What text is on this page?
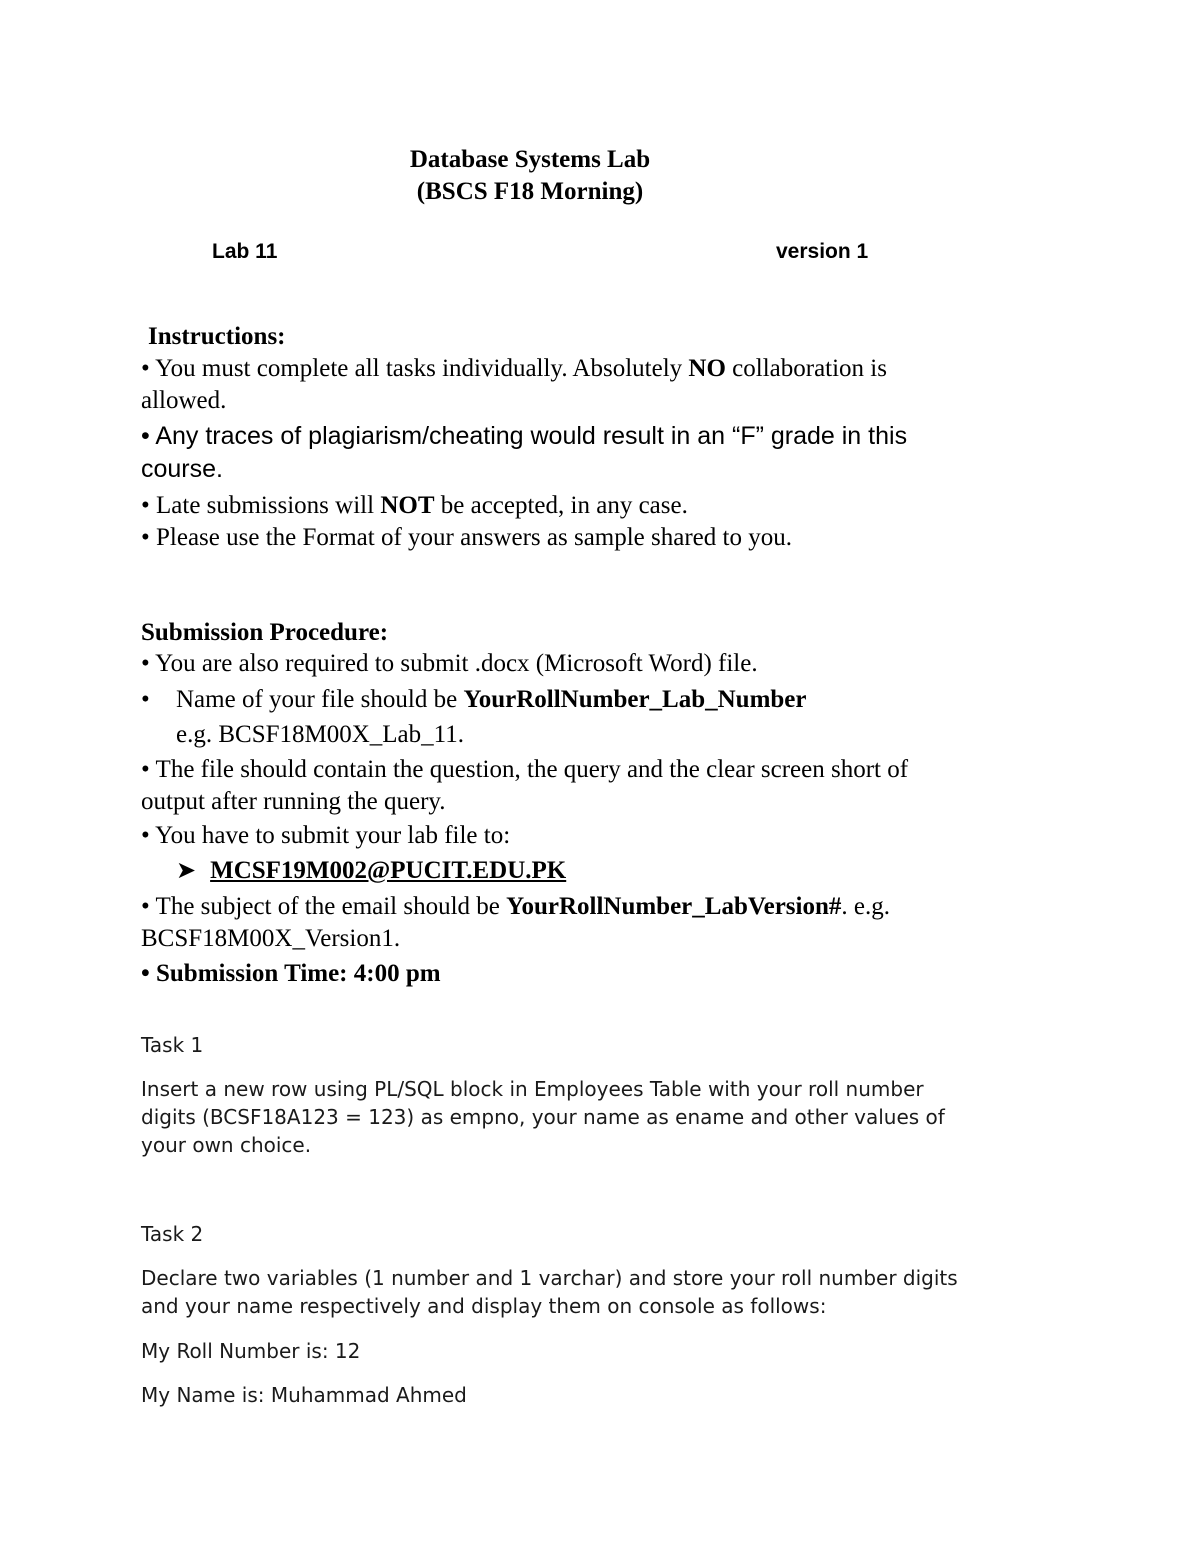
Database Systems Lab
(BSCS F18 Morning)
Lab 11	version 1
Instructions:
• You must complete all tasks individually. Absolutely NO collaboration is
allowed.
• Any traces of plagiarism/cheating would result in an “F” grade in this
course.
• Late submissions will NOT be accepted, in any case.
• Please use the Format of your answers as sample shared to you.
Submission Procedure:
• You are also required to submit .docx (Microsoft Word) file.
• Name of your file should be YourRollNumber_Lab_Number
e.g. BCSF18M00X_Lab_11.
• The file should contain the question, the query and the clear screen short of
output after running the query.
• You have to submit your lab file to:
➤ MCSF19M002@PUCIT.EDU.PK
• The subject of the email should be YourRollNumber_LabVersion#. e.g.
BCSF18M00X_Version1.
• Submission Time: 4:00 pm
Task 1
Insert a new row using PL/SQL block in Employees Table with your roll number
digits (BCSF18A123 = 123) as empno, your name as ename and other values of
your own choice.
Task 2
Declare two variables (1 number and 1 varchar) and store your roll number digits
and your name respectively and display them on console as follows:
My Roll Number is: 12
My Name is: Muhammad Ahmed
